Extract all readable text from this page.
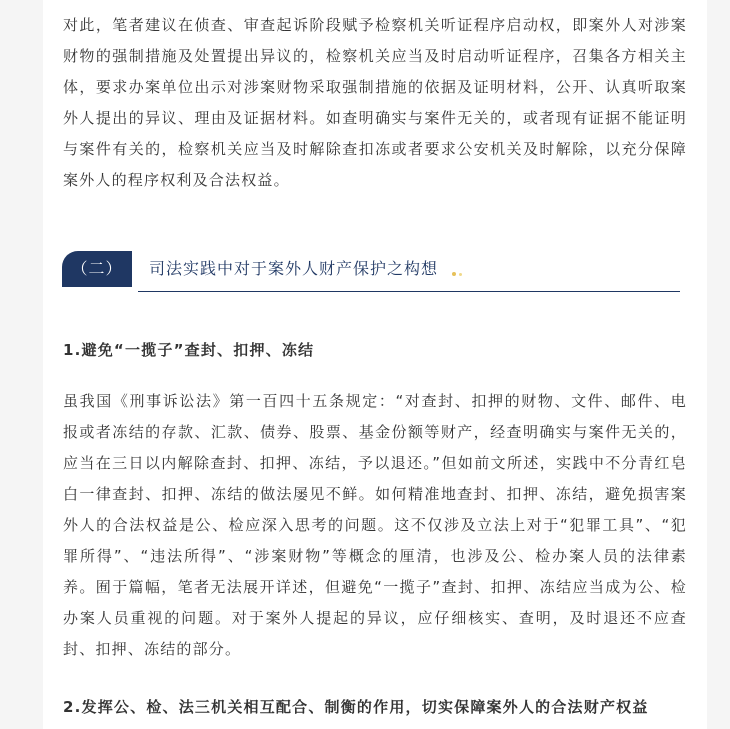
对此，笔者建议在侦查、审查起诉阶段赋予检察机关听证程序启动权，即案外人对涉案财物的强制措施及处置提出异议的，检察机关应当及时启动听证程序，召集各方相关主体，要求办案单位出示对涉案财物采取强制措施的依据及证明材料，公开、认真听取案外人提出的异议、理由及证据材料。如查明确实与案件无关的，或者现有证据不能证明与案件有关的，检察机关应当及时解除查扣冻或者要求公安机关及时解除，以充分保障案外人的程序权利及合法权益。

（二）	司法实践中对于案外人财产保护之构想
1.避免“一揽子”查封、扣押、冻结

虽我国《刑事诉讼法》第一百四十五条规定：“对查封、扣押的财物、文件、邮件、电报或者冻结的存款、汇款、债券、股票、基金份额等财产，经查明确实与案件无关的，应当在三日以内解除查封、扣押、冻结，予以退还。”但如前文所述，实践中不分青红皂白一律查封、扣押、冻结的做法屡见不鲜。如何精准地查封、扣押、冻结，避免损害案外人的合法权益是公、检应深入思考的问题。这不仅涉及立法上对于“犯罪工具”、“犯罪所得”、“违法所得”、“涉案财物”等概念的厘清，也涉及公、检办案人员的法律素养。囿于篇幅，笔者无法展开详述，但避免“一揽子”查封、扣押、冻结应当成为公、检办案人员重视的问题。对于案外人提起的异议，应仔细核实、查明，及时退还不应查封、扣押、冻结的部分。

2.发挥公、检、法三机关相互配合、制衡的作用，切实保障案外人的合法财产权益
